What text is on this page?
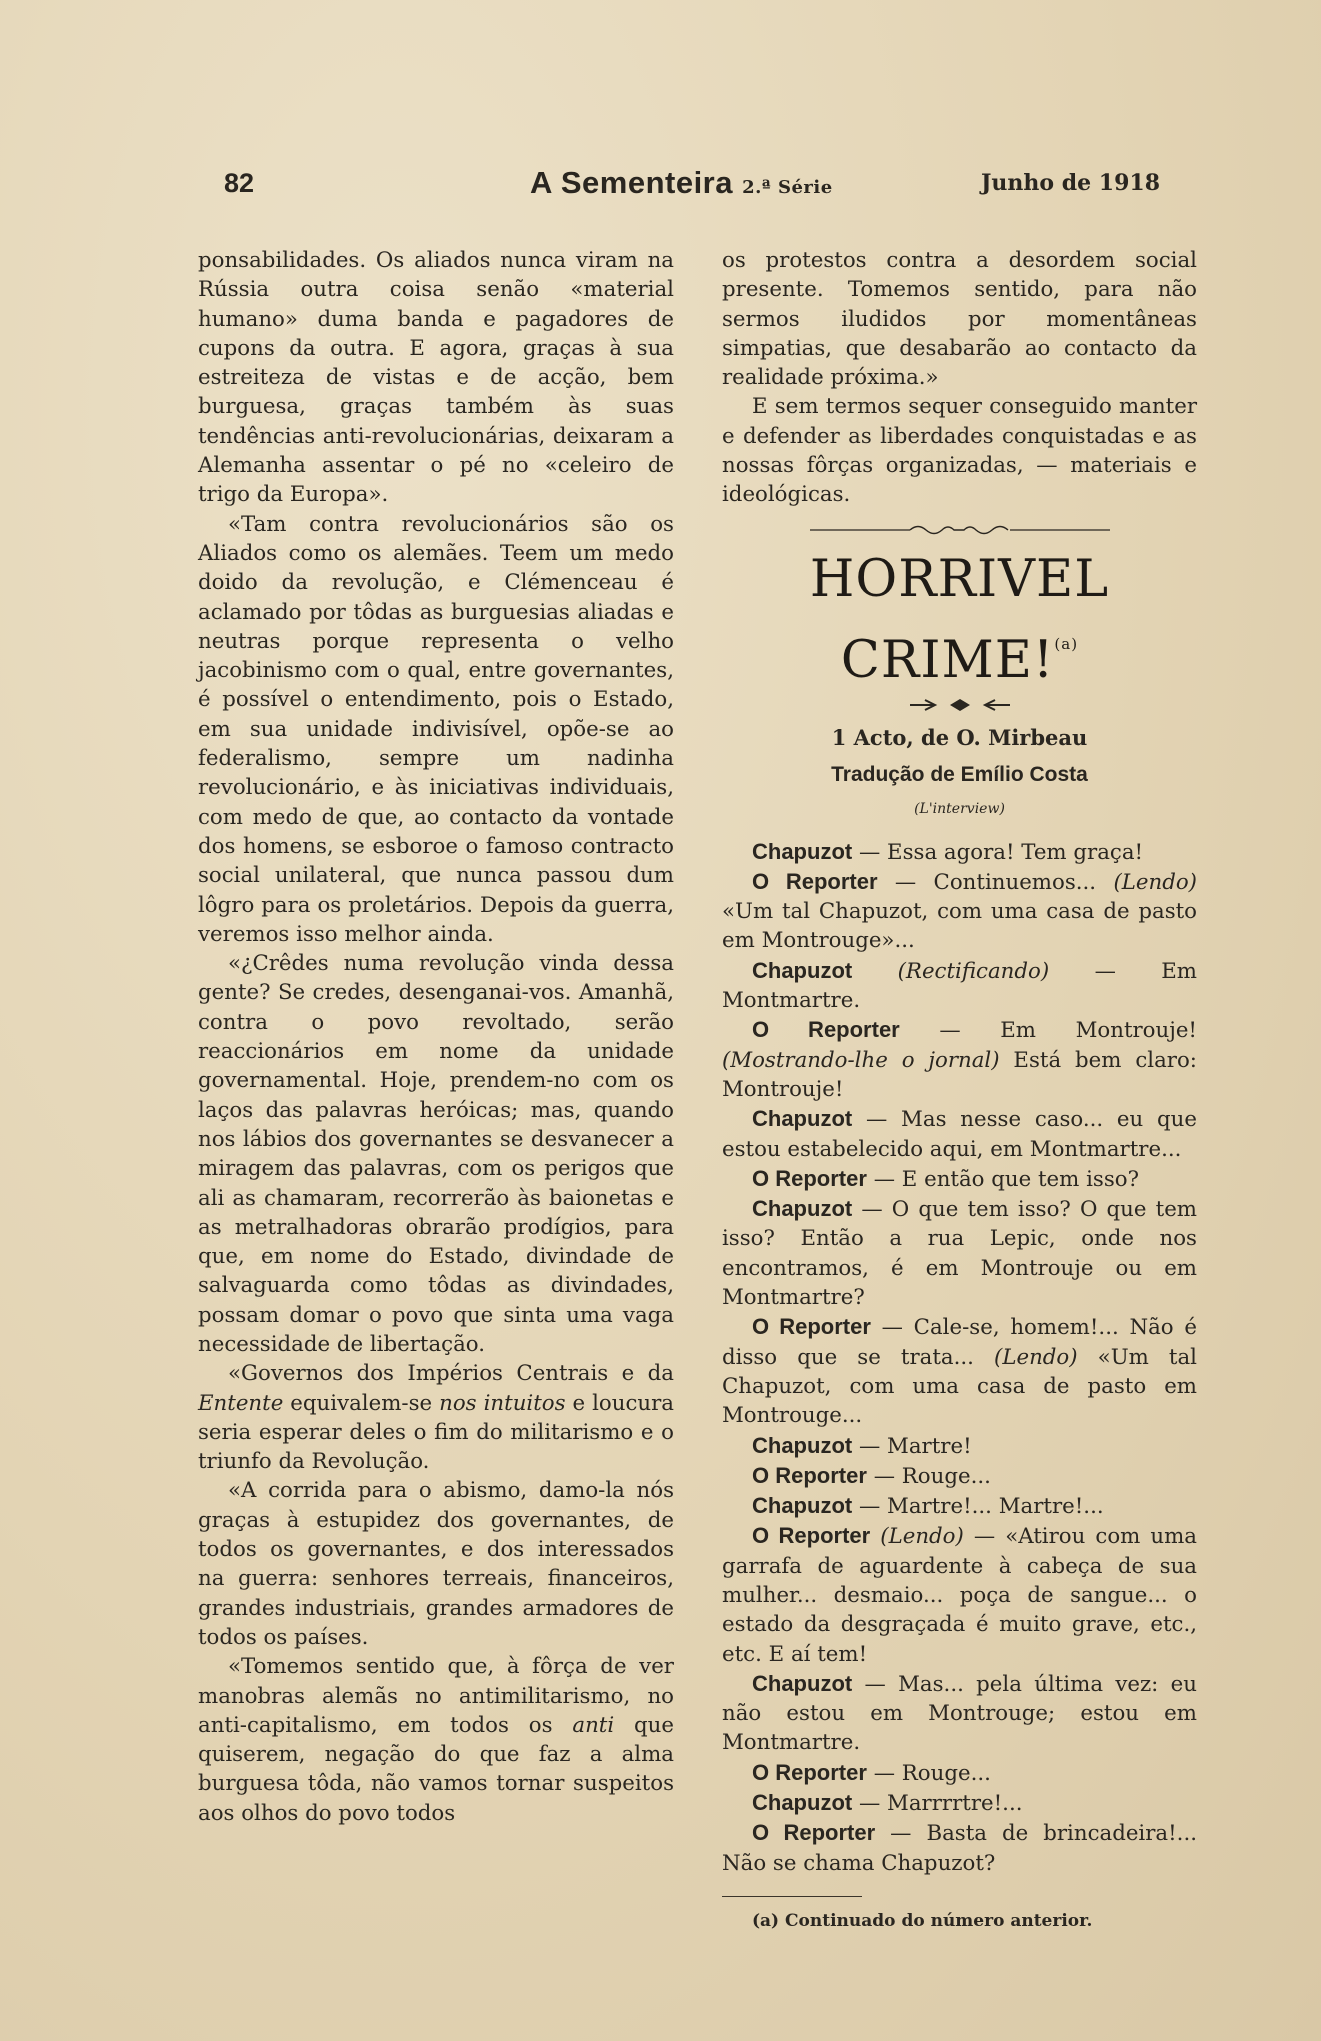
82	A Sementeira 2.ª Série	Junho de 1918

ponsabilidades. Os aliados nunca viram na Rússia outra coisa senão «material humano» duma banda e pagadores de cupons da outra. E agora, graças à sua estreiteza de vistas e de acção, bem burguesa, graças também às suas tendências anti-revolucionárias, deixaram a Alemanha assentar o pé no «celeiro de trigo da Europa».

«Tam contra revolucionários são os Aliados como os alemães. Teem um medo doido da revolução, e Clémenceau é aclamado por tôdas as burguesias aliadas e neutras porque representa o velho jacobinismo com o qual, entre governantes, é possível o entendimento, pois o Estado, em sua unidade indivisível, opõe-se ao federalismo, sempre um nadinha revolucionário, e às iniciativas individuais, com medo de que, ao contacto da vontade dos homens, se esboroe o famoso contracto social unilateral, que nunca passou dum lôgro para os proletários. Depois da guerra, veremos isso melhor ainda.

«¿Crêdes numa revolução vinda dessa gente? Se credes, desenganai-vos. Amanhã, contra o povo revoltado, serão reaccionários em nome da unidade governamental. Hoje, prendem-no com os laços das palavras heróicas; mas, quando nos lábios dos governantes se desvanecer a miragem das palavras, com os perigos que ali as chamaram, recorrerão às baionetas e as metralhadoras obrarão prodígios, para que, em nome do Estado, divindade de salvaguarda como tôdas as divindades, possam domar o povo que sinta uma vaga necessidade de libertação.

«Governos dos Impérios Centrais e da Entente equivalem-se nos intuitos e loucura seria esperar deles o fim do militarismo e o triunfo da Revolução.

«A corrida para o abismo, damo-la nós graças à estupidez dos governantes, de todos os governantes, e dos interessados na guerra: senhores terreais, financeiros, grandes industriais, grandes armadores de todos os países.

«Tomemos sentido que, à fôrça de ver manobras alemãs no antimilitarismo, no anti-capitalismo, em todos os anti que quiserem, negação do que faz a alma burguesa tôda, não vamos tornar suspeitos aos olhos do povo todos

os protestos contra a desordem social presente. Tomemos sentido, para não sermos iludidos por momentâneas simpatias, que desabarão ao contacto da realidade próxima.»

E sem termos sequer conseguido manter e defender as liberdades conquistadas e as nossas fôrças organizadas, — materiais e ideológicas.

HORRIVEL CRIME!$^{(a)}$
1 Acto, de O. Mirbeau
Tradução de Emílio Costa
(L'interview)

Chapuzot — Essa agora! Tem graça!

O Reporter — Continuemos... (Lendo) «Um tal Chapuzot, com uma casa de pasto em Montrouge»...

Chapuzot (Rectificando) — Em Montmartre.

O Reporter — Em Montrouje! (Mostrando-lhe o jornal) Está bem claro: Montrouje!

Chapuzot — Mas nesse caso... eu que estou estabelecido aqui, em Montmartre...

O Reporter — E então que tem isso?

Chapuzot — O que tem isso? O que tem isso? Então a rua Lepic, onde nos encontramos, é em Montrouje ou em Montmartre?

O Reporter — Cale-se, homem!... Não é disso que se trata... (Lendo) «Um tal Chapuzot, com uma casa de pasto em Montrouge...

Chapuzot — Martre!

O Reporter — Rouge...

Chapuzot — Martre!... Martre!...

O Reporter (Lendo) — «Atirou com uma garrafa de aguardente à cabeça de sua mulher... desmaio... poça de sangue... o estado da desgraçada é muito grave, etc., etc. E aí tem!

Chapuzot — Mas... pela última vez: eu não estou em Montrouge; estou em Montmartre.

O Reporter — Rouge...

Chapuzot — Marrrrtre!...

O Reporter — Basta de brincadeira!... Não se chama Chapuzot?

(a) Continuado do número anterior.
